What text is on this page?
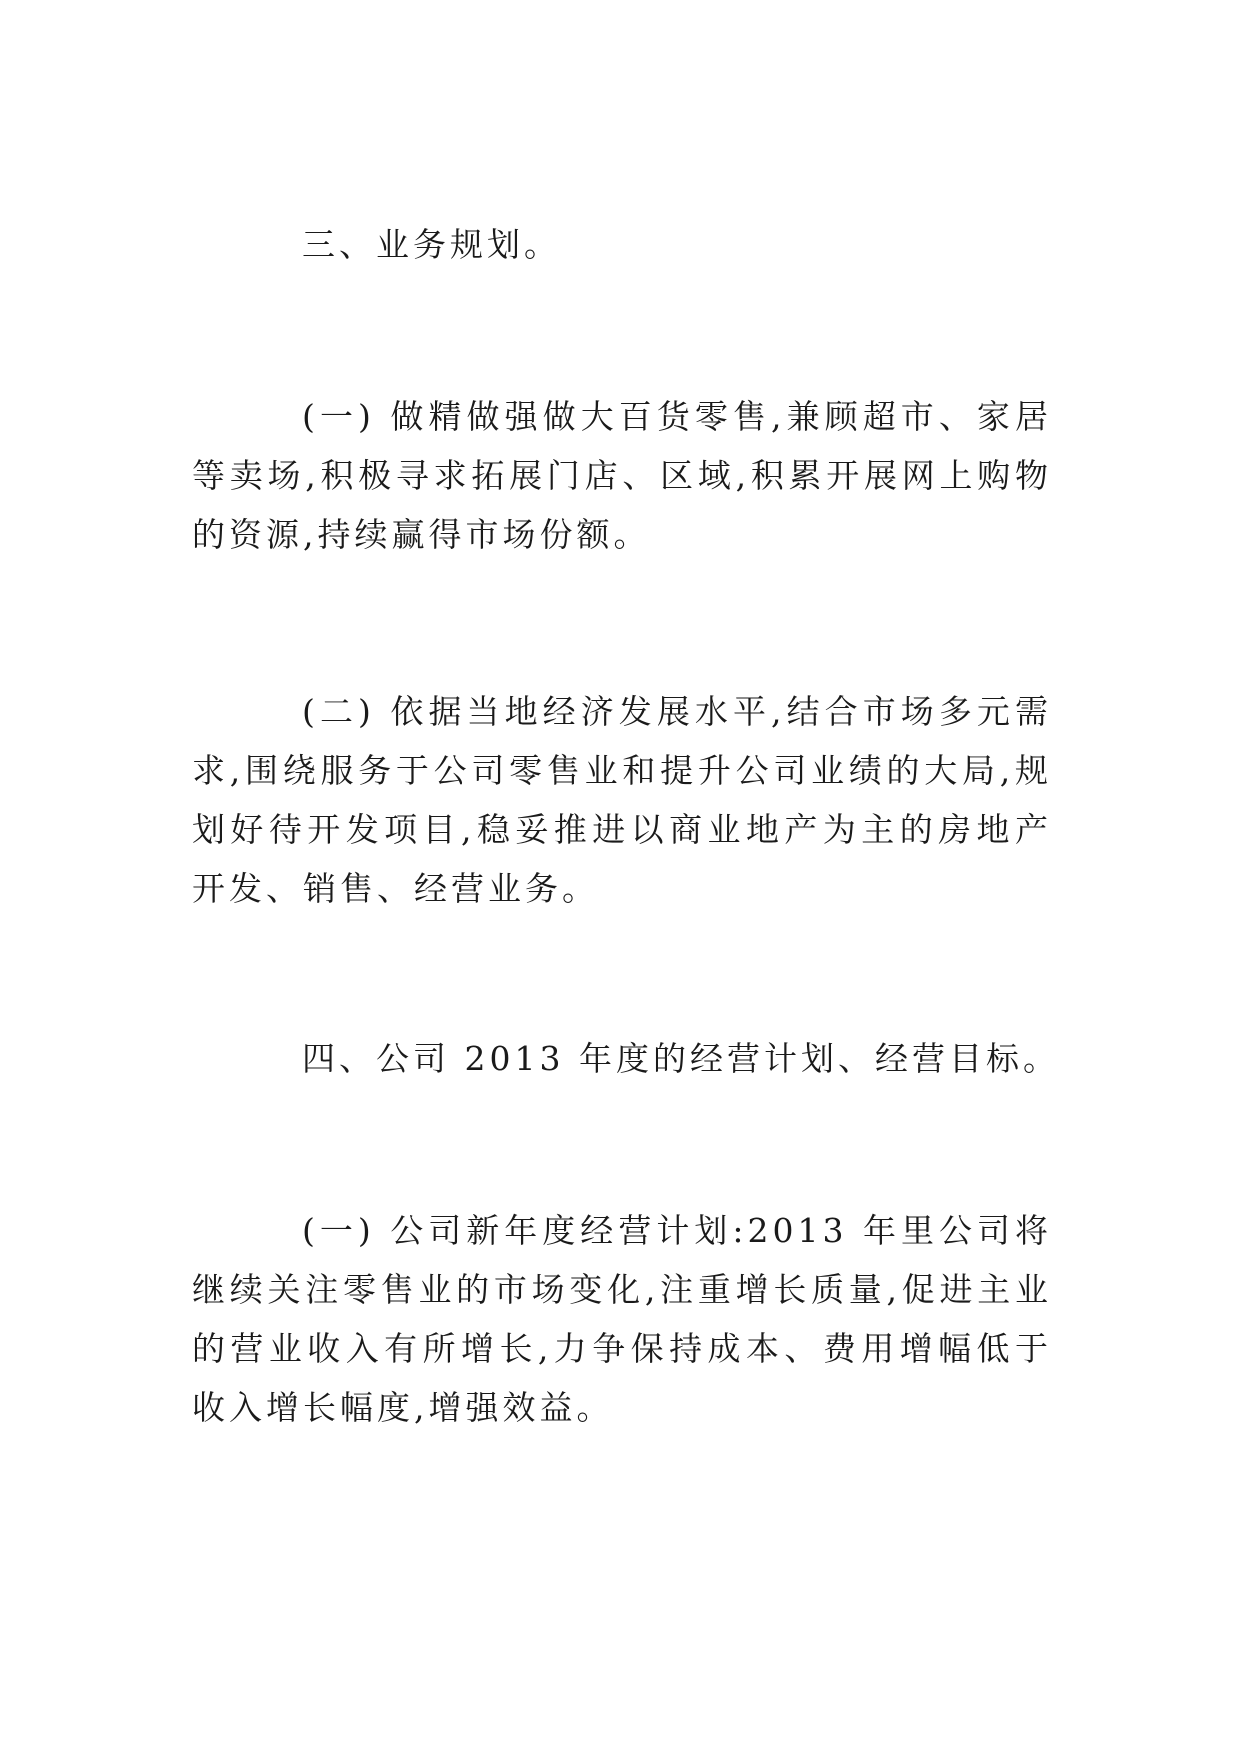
三、业务规划。

(一) 做精做强做大百货零售,兼顾超市、家居等卖场,积极寻求拓展门店、区域,积累开展网上购物的资源,持续赢得市场份额。

(二) 依据当地经济发展水平,结合市场多元需求,围绕服务于公司零售业和提升公司业绩的大局,规划好待开发项目,稳妥推进以商业地产为主的房地产开发、销售、经营业务。

四、公司 2013 年度的经营计划、经营目标。

(一) 公司新年度经营计划:2013 年里公司将继续关注零售业的市场变化,注重增长质量,促进主业的营业收入有所增长,力争保持成本、费用增幅低于收入增长幅度,增强效益。
